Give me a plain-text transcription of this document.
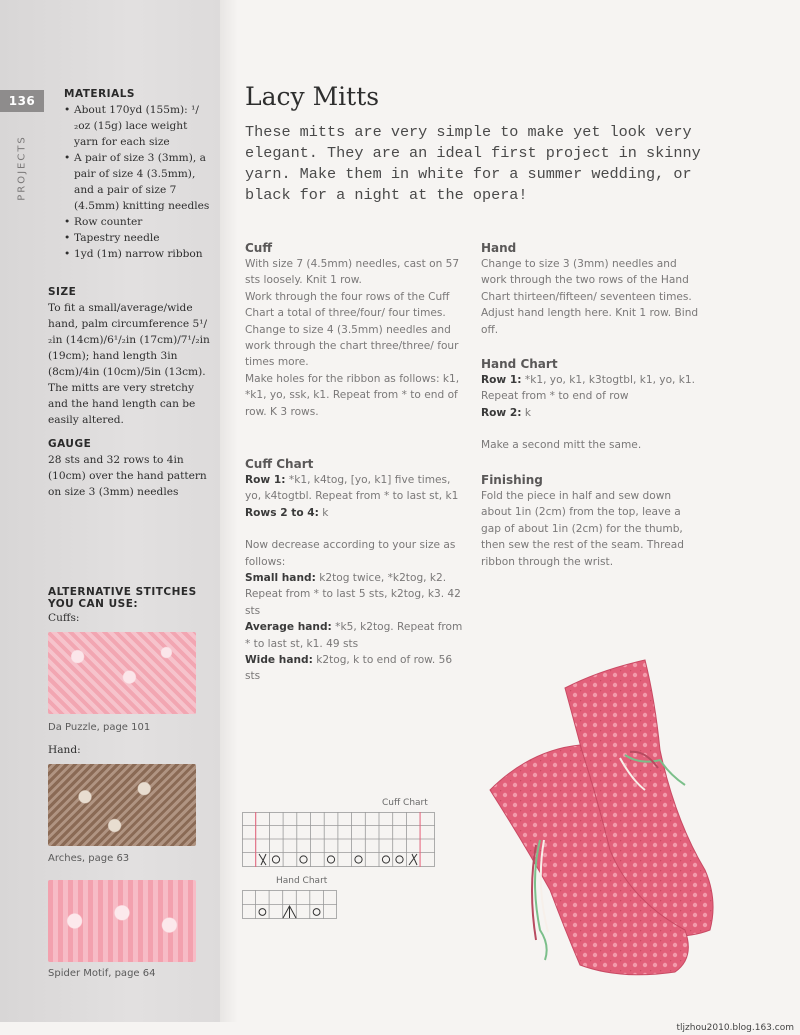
136
PROJECTS
MATERIALS
• About 170yd (155m): ¹/₂oz (15g) lace weight yarn for each size
• A pair of size 3 (3mm), a pair of size 4 (3.5mm), and a pair of size 7 (4.5mm) knitting needles
• Row counter
• Tapestry needle
• 1yd (1m) narrow ribbon
SIZE
To fit a small/average/wide hand, palm circumference 5¹/₂in (14cm)/6¹/₂in (17cm)/7¹/₂in (19cm); hand length 3in (8cm)/4in (10cm)/5in (13cm). The mitts are very stretchy and the hand length can be easily altered.
GAUGE
28 sts and 32 rows to 4in (10cm) over the hand pattern on size 3 (3mm) needles
ALTERNATIVE STITCHES
YOU CAN USE:
Cuffs:
Da Puzzle, page 101
Hand:
Arches, page 63
Spider Motif, page 64
Lacy Mitts
These mitts are very simple to make yet look very elegant. They are an ideal first project in skinny yarn. Make them in white for a summer wedding, or black for a night at the opera!
Cuff

With size 7 (4.5mm) needles, cast on 57 sts loosely. Knit 1 row.

Work through the four rows of the Cuff Chart a total of three/four/ four times. Change to size 4 (3.5mm) needles and work through the chart three/three/ four times more.

Make holes for the ribbon as follows: k1, *k1, yo, ssk, k1. Repeat from * to end of row. K 3 rows.

Cuff Chart

Row 1: *k1, k4tog, [yo, k1] five times, yo, k4togtbl. Repeat from * to last st, k1

Rows 2 to 4: k

Now decrease according to your size as follows:

Small hand: k2tog twice, *k2tog, k2. Repeat from * to last 5 sts, k2tog, k3. 42 sts

Average hand: *k5, k2tog. Repeat from * to last st, k1. 49 sts

Wide hand: k2tog, k to end of row. 56 sts

Hand

Change to size 3 (3mm) needles and work through the two rows of the Hand Chart thirteen/fifteen/ seventeen times. Adjust hand length here. Knit 1 row. Bind off.

Hand Chart

Row 1: *k1, yo, k1, k3togtbl, k1, yo, k1. Repeat from * to end of row

Row 2: k

Make a second mitt the same.

Finishing

Fold the piece in half and sew down about 1in (2cm) from the top, leave a gap of about 1in (2cm) for the thumb, then sew the rest of the seam. Thread ribbon through the wrist.

Cuff Chart
Hand Chart
tljzhou2010.blog.163.com
